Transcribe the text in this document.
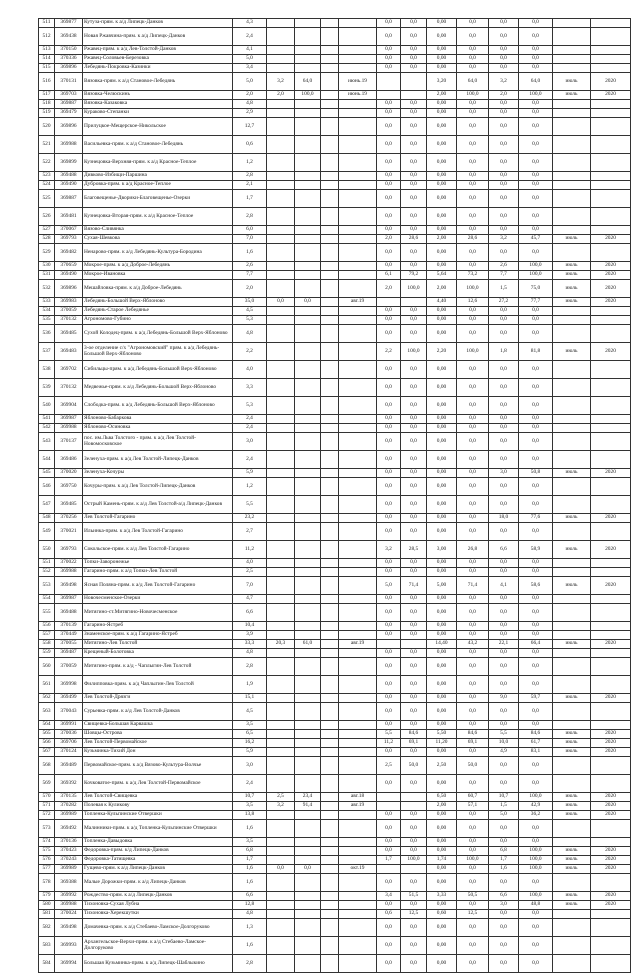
511	369877	Кутуза-прям. к а/д Липецк-Данков	4,3					0,0	0,0	0,00	0,0	0,0	0,0		
512	369438	Новая Ржавчина-прям. к а/д Липецк-Данков	2,4					0,0	0,0	0,00	0,0	0,0	0,0		
513	370150	Ржавец-прям. к а/д Лев-Толстой-Данков	4,1					0,0	0,0	0,00	0,0	0,0	0,0		
514	370336	Ржавец-Соловьев-Березовка	5,0					0,0	0,0	0,00	0,0	0,0	0,0		
515	369896	Лебедянь-Покровка-Казинки	3,4					0,0	0,0	0,00	0,0	0,0	0,0		
516	370131	Вязовка-прям. к а/д Становое-Лебедянь	5,0	3,2	64,0		июнь.19			3,20	64,0	3,2	64,0	июль	2020
517	369703	Вязовка-Челюскинь	2,0	2,0	100,0		июнь.19			2,00	100,0	2,0	100,0	июль	2020
518	369887	Вязовка-Казаковка	4,8					0,0	0,0	0,00	0,0	0,0	0,0		
519	369479	Кураково-Степанки	2,9					0,0	0,0	0,00	0,0	0,0	0,0		
520	369896	Прилуцкое-Мещерское-Никольское	12,7					0,0	0,0	0,00	0,0	0,0	0,0		
521	369988	Васильевка-прям. к а/д Становое-Лебедянь	0,6					0,0	0,0	0,00	0,0	0,0	0,0		
522	369899	Кузнецовка-Верхняя-прям. к а/д Красное-Теплое	1,2					0,0	0,0	0,00	0,0	0,0	0,0		
523	369488	Дивково-Избищи-Паршина	2,8					0,0	0,0	0,00	0,0	0,0	0,0		
524	369490	Дубровка-прям. к а/д Красное-Теплое	2,1					0,0	0,0	0,00	0,0	0,0	0,0		
525	369887	Благовещенье-Дворики-Благовещенье-Озерки	1,7					0,0	0,0	0,00	0,0	0,0	0,0		
526	369481	Кузнецовка-Вторая-прям. к а/д Красное-Теплое	2,8					0,0	0,0	0,00	0,0	0,0	0,0		
527	370067	Вязово-Сливянка	6,0					0,0	0,0	0,00	0,0	0,0	0,0		
528	369793	Сухая-Шевкова	7,0					2,0	28,6	2,00	28,6	3,2	45,7	июль	2020
529	369482	Ненарово-прям. к а/д Лебедянь-Культура-Бородина	1,6					0,0	0,0	0,00	0,0	0,0	0,0		
530	370659	Мокрое-прям. к а/д Доброе-Лебедянь	2,6					0,0	0,0	0,00	0,0	2,6	100,0	июль	2020
531	369490	Мокрое-Ивановка	7,7					6,1	79,2	5,64	73,2	7,7	100,0	июль	2020
532	369896	Мешайловка-прям. к а/д Доброе-Лебедянь	2,0					2,0	100,0	2,00	100,0	1,5	75,0	июль	2020
533	369983	Лебедянь-Большой Верх-Яблоново	35,0	0,0	0,0		авг.19			4,40	12,6	27,2	77,7	июль	2020
534	370059	Лебедянь-Старое Лебедянье	4,5					0,0	0,0	0,00	0,0	0,0	0,0		
535	370132	Агрономово-Губино	5,3					0,0	0,0	0,00	0,0	0,0	0,0		
536	369485	Сухой Колодец-прям. к а/д Лебедянь-Большой Верх-Яблоново	4,8					0,0	0,0	0,00	0,0	0,0	0,0		
537	369483	3-ое отделение с/х "Агрономовский" прям. к а/д Лебедянь-Большой Верх-Яблоново	2,2					2,2	100,0	2,20	100,0	1,8	81,8	июль	2020
538	369702	Сибильцы-прям. к а/д Лебедянь-Большой Верх-Яблоново	4,0					0,0	0,0	0,00	0,0	0,0	0,0		
539	370132	Медвежье-прям. к а/д Лебедянь-Большой Верх-Яблоново	3,3					0,0	0,0	0,00	0,0	0,0	0,0		
540	369904	Слободка-прям. к а/д Лебедянь-Большой Верх-Яблоново	5,3					0,0	0,0	0,00	0,0	0,0	0,0		
541	369987	Яблоново-Бабаркова	2,4					0,0	0,0	0,00	0,0	0,0	0,0		
542	369988	Яблоново-Осиновка	2,4					0,0	0,0	0,00	0,0	0,0	0,0		
543	370137	пос. им.Льва Толстого - прям. к а/д Лев Толстой-Новомосковское	3,0					0,0	0,0	0,00	0,0	0,0	0,0		
544	369486	Зеленуха-прям. к а/д Лев Толстой-Липецк-Данков	2,4					0,0	0,0	0,00	0,0	0,0	0,0		
545	370020	Зеленуха-Кочуры	5,9					0,0	0,0	0,00	0,0	3,0	50,8	июль	2020
546	369750	Кочуры-прям. к а/д Лев Толстой-Липецк-Данков	1,2					0,0	0,0	0,00	0,0	0,0	0,0		
547	369485	Острый Камень-прям. к а/д Лев Толстой-а/д Липецк-Данков	5,5					0,0	0,0	0,00	0,0	0,0	0,0		
548	370256	Лев Толстой-Гагарино	23,2					0,0	0,0	0,00	0,0	18,0	77,6	июль	2020
549	370021	Ильинка-прям. к а/д Лев Толстой-Гагарино	2,7					0,0	0,0	0,00	0,0	0,0	0,0		
550	369793	Сокольское-прям. к а/д Лев Толстой-Гагарино	11,2					3,2	28,5	3,00	26,8	6,6	58,9	июль	2020
551	370022	Топки-Заворонежье	4,0					0,0	0,0	0,00	0,0	0,0	0,0		
552	369988	Гагарино-прям. к а/д Топки-Лев Толстой	2,5					0,0	0,0	0,00	0,0	0,0	0,0		
553	369498	Ясная Поляна-прям. к а/д Лев Толстой-Гагарино	7,0					5,0	71,4	5,00	71,4	4,1	58,6	июль	2020
554	369987	Новочесменское-Озерки	4,7					0,0	0,0	0,00	0,0	0,0	0,0		
555	369488	Митягино-ст.Митягино-Новочесменское	6,6					0,0	0,0	0,00	0,0	0,0	0,0		
556	370139	Гагарино-Ястреб	10,4					0,0	0,0	0,00	0,0	0,0	0,0		
557	370449	Знаменское-прям. к а/д Гагарино-Ястреб	3,9					0,0	0,0	0,00	0,0	0,0	0,0		
558	370055	Митягино-Лев Толстой	33,3	20,3	61,0		авг.19			14,40	43,2	22,1	66,4	июль	2020
559	369487	Крещеный-Болотовка	4,8					0,0	0,0	0,00	0,0	0,0	0,0		
560	370059	Митягино-прям. к а/д - Чаплыгин-Лев Толстой	2,8					0,0	0,0	0,00	0,0	0,0	0,0		
561	369998	Филипповка-прям. к а/д Чаплыгин-Лев Толстой	1,9					0,0	0,0	0,00	0,0	0,0	0,0		
562	369499	Лев Толстой-Дрязги	15,1					0,0	0,0	0,00	0,0	9,0	59,7	июль	2020
563	370043	Сурьевка-прям. к а/д Лев Толстой-Данков	4,5					0,0	0,0	0,00	0,0	0,0	0,0		
564	369991	Свищевка-Большая Карвашка	3,5					0,0	0,0	0,00	0,0	0,0	0,0		
565	370036	Шовцы-Острова	6,5					5,5	84,6	5,50	84,6	5,5	84,6	июль	2020
566	369706	Лев Толстой-Первомайское	16,2					11,2	69,1	11,20	69,1	10,0	61,7	июль	2020
567	370124	Кузьминка-Тихий Дон	5,9					0,0	0,0	0,00	0,0	4,9	83,1	июль	2020
568	369489	Первомайское-прям. к а/д Вязово-Культура-Волчье	3,0					2,5	50,0	2,50	50,0	0,0	0,0		
569	369392	Кочковатое-прям. к а/д Лев Толстой-Первомайское	2,4					0,0	0,0	0,00	0,0	0,0	0,0		
570	370135	Лев Толстой-Свищевка	10,7	2,5	23,4		авг.18			6,50	60,7	10,7	100,0	июль	2020
571	370282	Полевая к Куликову	3,5	3,2	91,4		авг.19			2,00	57,1	1,5	42,9	июль	2020
572	369989	Топленка-Кульпинские Отвершки	13,8					0,0	0,0	0,00	0,0	5,0	36,2	июль	2020
573	369492	Малинники-прям. к а/д Топленка-Кульпинские Отвершки	1,6					0,0	0,0	0,00	0,0	0,0	0,0		
574	370136	Топленка-Давыдовка	3,5					0,0	0,0	0,00	0,0	0,0	0,0		
575	370423	Федоровка-прям. к/д Липецк-Данков	6,8					0,0	0,0	0,00	0,0	6,8	100,0	июль	2020
576	370243	Федоровка-Татищевка	1,7					1,7	100,0	1,74	100,0	1,7	100,0	июль	2020
577	369989	Гущево-прям. к а/д Липецк-Данков	1,6	0,0	0,0		окт.19			0,00	0,0	1,6	100,0	июль	2020
578	369388	Малые Дорожки-прям. к а/д Липецк-Данков	1,6					0,0	0,0	0,00	0,0	0,0	0,0		
579	369992	Рождество-прям. к а/д Липецк-Данков	6,6					3,4	51,5	3,33	50,5	6,6	100,0	июль	2020
580	369988	Тихоновка-Сухая Лубна	12,8					0,0	0,0	0,00	0,0	3,0	48,8	июль	2020
581	370024	Тихоновка-Херекшутки	4,8					0,6	12,5	0,60	12,5	0,0	0,0		
582	369498	Домачевка-прям. к а/д Стебаево-Ламское-Долгоруково	1,3					0,0	0,0	0,00	0,0	0,0	0,0		
583	369993	Архангельское-Верхи-прям. к а/д Стебаево-Ламское-Долгоруково	1,6					0,0	0,0	0,00	0,0	0,0	0,0		
584	369994	Большая Кузьминка-прям. к а/д Липецк-Шаблыкино	2,8					0,0	0,0	0,00	0,0	0,0	0,0		
